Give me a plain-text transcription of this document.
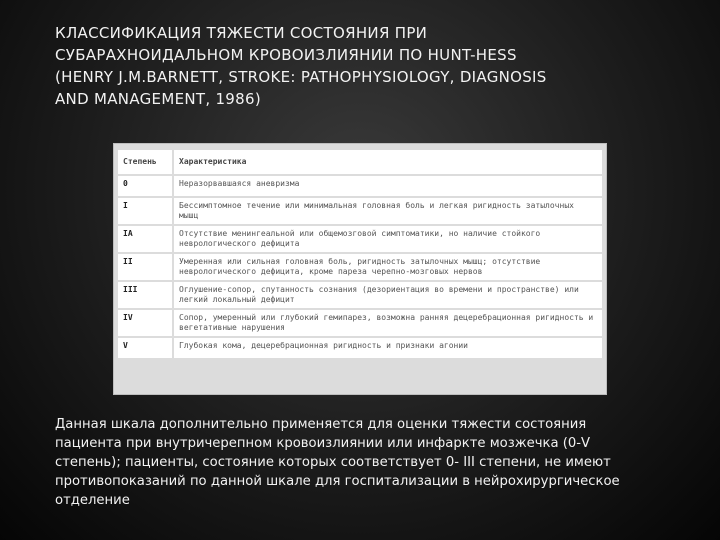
КЛАССИФИКАЦИЯ ТЯЖЕСТИ СОСТОЯНИЯ ПРИ
СУБАРАХНОИДАЛЬНОМ КРОВОИЗЛИЯНИИ ПО HUNT-HESS
(HENRY J.M.BARNETT, STROKE: PATHOPHYSIOLOGY, DIAGNOSIS
AND MANAGEMENT, 1986)
Степень	Характеристика
0	Неразорвавшаяся аневризма
I	Бессимптомное течение или минимальная головная боль и легкая ригидность затылочных мышц
IA	Отсутствие менингеальной или общемозговой симптоматики, но наличие стойкого неврологического дефицита
II	Умеренная или сильная головная боль, ригидность затылочных мышц; отсутствие неврологического дефицита, кроме пареза черепно-мозговых нервов
III	Оглушение-сопор, спутанность сознания (дезориентация во времени и пространстве) или легкий локальный дефицит
IV	Сопор, умеренный или глубокий гемипарез, возможна ранняя децеребрационная ригидность и вегетативные нарушения
V	Глубокая кома, децеребрационная ригидность и признаки агонии
Данная шкала дополнительно применяется для оценки тяжести состояния
пациента при внутричерепном кровоизлиянии или инфаркте мозжечка (0-V
степень); пациенты, состояние которых соответствует 0- III степени, не имеют
противопоказаний по данной шкале для госпитализации в нейрохирургическое
отделение
